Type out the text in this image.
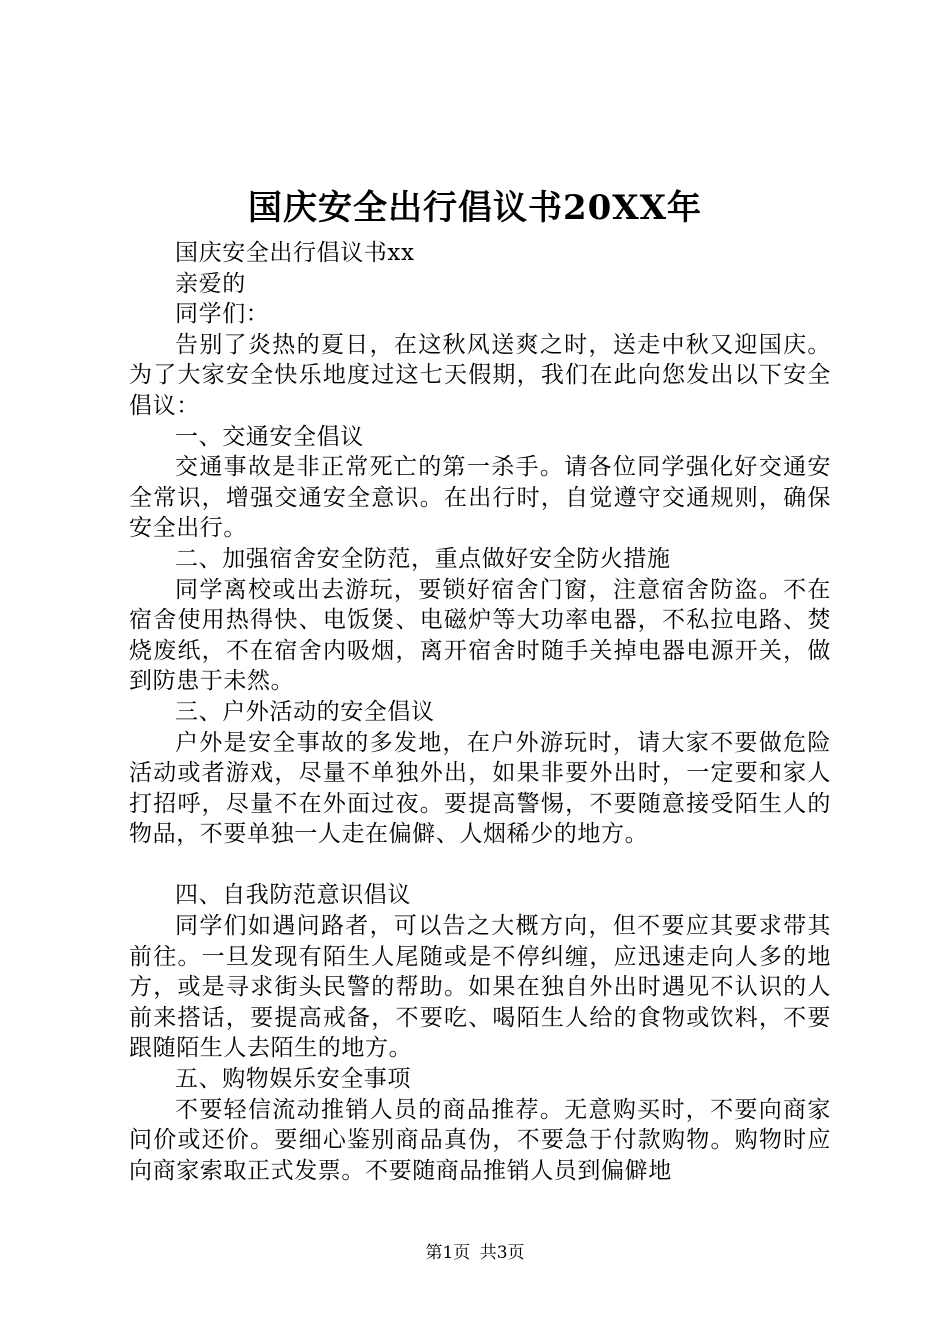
国庆安全出行倡议书20XX年

国庆安全出行倡议书xx

亲爱的

同学们：

告别了炎热的夏日，在这秋风送爽之时，送走中秋又迎国庆。为了大家安全快乐地度过这七天假期，我们在此向您发出以下安全倡议：

一、交通安全倡议

交通事故是非正常死亡的第一杀手。请各位同学强化好交通安全常识，增强交通安全意识。在出行时，自觉遵守交通规则，确保安全出行。

二、加强宿舍安全防范，重点做好安全防火措施

同学离校或出去游玩，要锁好宿舍门窗，注意宿舍防盗。不在宿舍使用热得快、电饭煲、电磁炉等大功率电器，不私拉电路、焚烧废纸，不在宿舍内吸烟，离开宿舍时随手关掉电器电源开关，做到防患于未然。

三、户外活动的安全倡议

户外是安全事故的多发地，在户外游玩时，请大家不要做危险活动或者游戏，尽量不单独外出，如果非要外出时，一定要和家人打招呼，尽量不在外面过夜。要提高警惕，不要随意接受陌生人的物品，不要单独一人走在偏僻、人烟稀少的地方。

四、自我防范意识倡议

同学们如遇问路者，可以告之大概方向，但不要应其要求带其前往。一旦发现有陌生人尾随或是不停纠缠，应迅速走向人多的地方，或是寻求街头民警的帮助。如果在独自外出时遇见不认识的人前来搭话，要提高戒备，不要吃、喝陌生人给的食物或饮料，不要跟随陌生人去陌生的地方。

五、购物娱乐安全事项

不要轻信流动推销人员的商品推荐。无意购买时，不要向商家问价或还价。要细心鉴别商品真伪，不要急于付款购物。购物时应向商家索取正式发票。不要随商品推销人员到偏僻地

第1页 共3页
